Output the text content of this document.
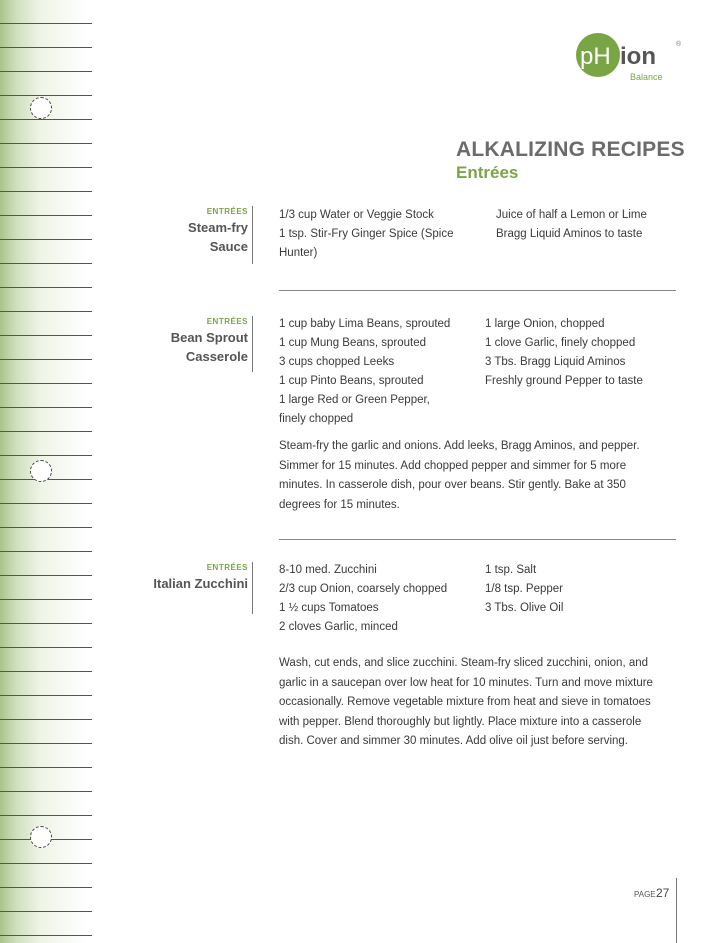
pH ion	®
Balance
ALKALIZING RECIPES
Entrées
ENTRÉES
Steam-fry
Sauce
1/3 cup Water or Veggie Stock
1 tsp. Stir-Fry Ginger Spice (Spice
Hunter)
Juice of half a Lemon or Lime
Bragg Liquid Aminos to taste
ENTRÉES
Bean Sprout
Casserole
1 cup baby Lima Beans, sprouted
1 cup Mung Beans, sprouted
3 cups chopped Leeks
1 cup Pinto Beans, sprouted
1 large Red or Green Pepper,
finely chopped
1 large Onion, chopped
1 clove Garlic, finely chopped
3 Tbs. Bragg Liquid Aminos
Freshly ground Pepper to taste
Steam-fry the garlic and onions. Add leeks, Bragg Aminos, and pepper.
Simmer for 15 minutes. Add chopped pepper and simmer for 5 more
minutes. In casserole dish, pour over beans. Stir gently. Bake at 350
degrees for 15 minutes.
ENTRÉES
Italian Zucchini
8-10 med. Zucchini
2/3 cup Onion, coarsely chopped
1 ½ cups Tomatoes
2 cloves Garlic, minced
1 tsp. Salt
1/8 tsp. Pepper
3 Tbs. Olive Oil
Wash, cut ends, and slice zucchini. Steam-fry sliced zucchini, onion, and
garlic in a saucepan over low heat for 10 minutes. Turn and move mixture
occasionally. Remove vegetable mixture from heat and sieve in tomatoes
with pepper. Blend thoroughly but lightly. Place mixture into a casserole
dish. Cover and simmer 30 minutes. Add olive oil just before serving.
PAGE 27
